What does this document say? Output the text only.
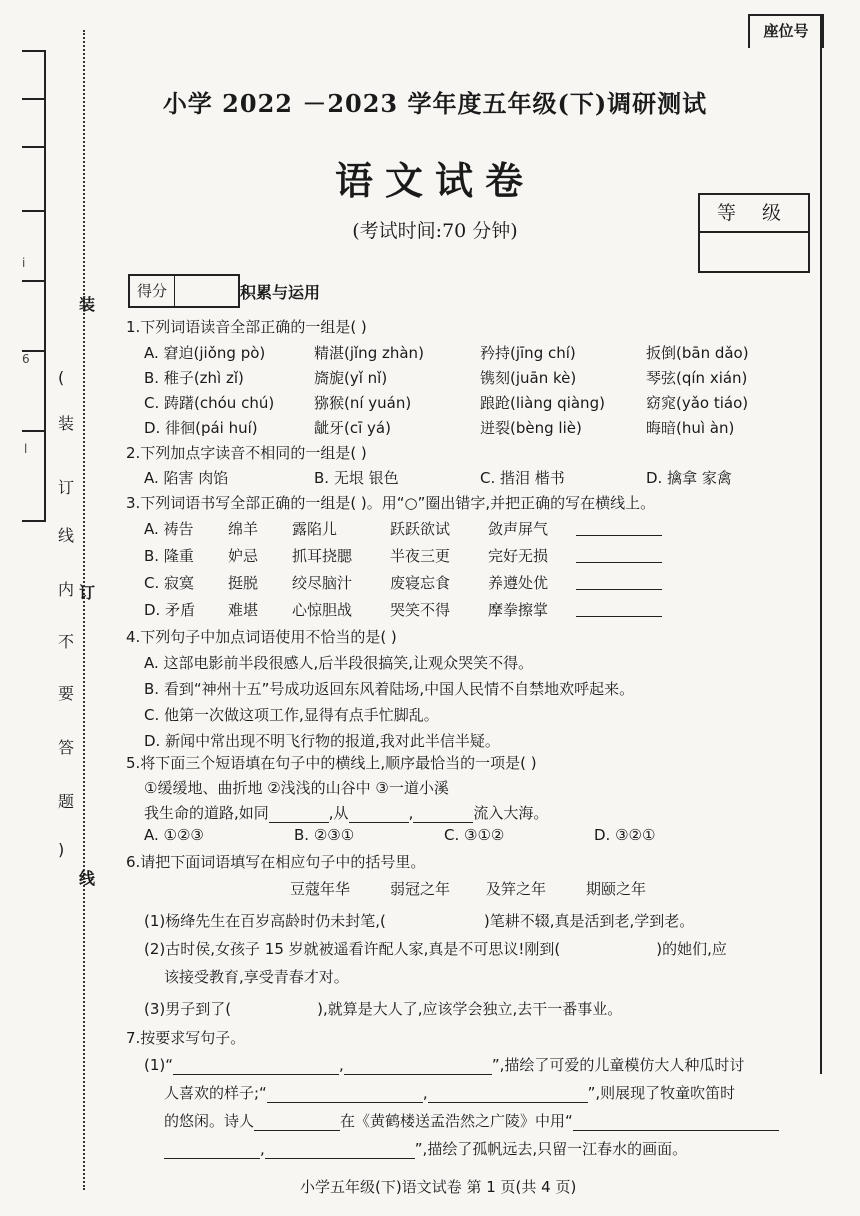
座位号
i
6
l
(
装
订
线
内
不
要
答
题
)
装
订
线
小学 2022 －2023 学年度五年级(下)调研测试
语文试卷
(考试时间:70 分钟)
等 级
得分	积累与运用
1.下列词语读音全部正确的一组是( )
A. 窘迫(jiǒng pò)	精湛(jǐng zhàn)	矜持(jīng chí)	扳倒(bān dǎo)
B. 稚子(zhì zǐ)	旖旎(yǐ nǐ)	镌刻(juān kè)	琴弦(qín xián)
C. 踌躇(chóu chú)	猕猴(ní yuán)	踉跄(liàng qiàng)	窈窕(yǎo tiáo)
D. 徘徊(pái huí)	龇牙(cī yá)	迸裂(bèng liè)	晦暗(huì àn)
2.下列加点字读音不相同的一组是( )
A. 陷害 肉馅	B. 无垠 银色	C. 揩泪 楷书	D. 擒拿 家禽
3.下列词语书写全部正确的一组是( )。用“○”圈出错字,并把正确的写在横线上。
A. 祷告 绵羊 露陷儿	跃跃欲试	敛声屏气
B. 隆重 妒忌 抓耳挠腮	半夜三更	完好无损
C. 寂寞 挺脱 绞尽脑汁	废寝忘食	养遵处优
D. 矛盾 难堪 心惊胆战	哭笑不得	摩拳擦掌
4.下列句子中加点词语使用不恰当的是( )
A. 这部电影前半段很感人,后半段很搞笑,让观众哭笑不得。
B. 看到“神州十五”号成功返回东风着陆场,中国人民情不自禁地欢呼起来。
C. 他第一次做这项工作,显得有点手忙脚乱。
D. 新闻中常出现不明飞行物的报道,我对此半信半疑。
5.将下面三个短语填在句子中的横线上,顺序最恰当的一项是( )
①缓缓地、曲折地 ②浅浅的山谷中 ③一道小溪
我生命的道路,如同	,从	,	流入大海。
A. ①②③	B. ②③①	C. ③①②	D. ③②①
6.请把下面词语填写在相应句子中的括号里。
豆蔻年华	弱冠之年 及笄之年	期颐之年
(1)杨绛先生在百岁高龄时仍未封笔,(	)笔耕不辍,真是活到老,学到老。
(2)古时侯,女孩子 15 岁就被遥看许配人家,真是不可思议!刚到(	)的她们,应
该接受教育,享受青春才对。
(3)男子到了(	),就算是大人了,应该学会独立,去干一番事业。
7.按要求写句子。
(1)“	,	”,描绘了可爱的儿童模仿大人种瓜时讨
人喜欢的样子;“	,	”,则展现了牧童吹笛时
的悠闲。诗人	在《黄鹤楼送孟浩然之广陵》中用“
,	”,描绘了孤帆远去,只留一江春水的画面。
小学五年级(下)语文试卷 第 1 页(共 4 页)
